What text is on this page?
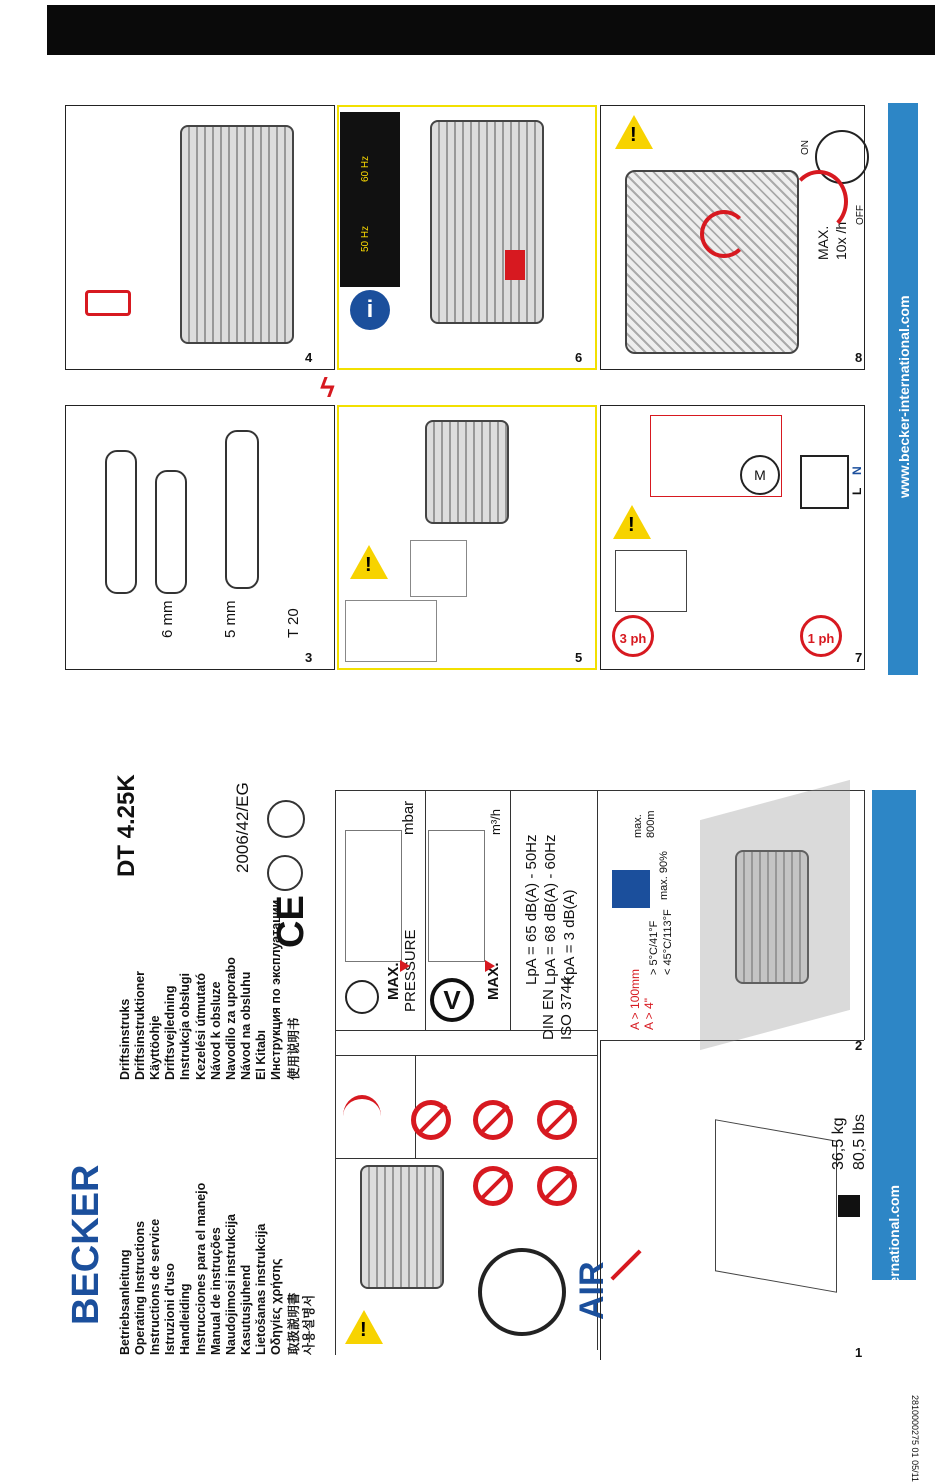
www.becker-international.com
BECKER Betriebsanleitung Operating Instructions Instructions de service Istruzioni d'uso Handleiding Instrucciones para el manejo Manual de instruções Naudojimosi instrukcija Kasutusjuhend Lietošanas instrukcija Οδηγίες χρήσης 取扱説明書 사용설명서
Driftsinstruks Driftsinstruktioner Käyttöohje Driftsvejledning Instrukcja obsługi Kezelési útmutató Návod k obsluze Navodilo za uporabo Návod na obsluhu El Kitabı Инструкция по эксплуатации 使用说明书
DT 4.25K	2006/42/EG
CE
!
AIR
36,5 kg 80,5 lbs
1
MAX. PRESSURE
mbar
V	MAX.
m³/h
DIN EN ISO 3744
LpA = 65 dB(A) - 50Hz LpA = 68 dB(A) - 60Hz KpA = 3 dB(A)
A > 100mm A > 4"
> 5°C/41°F < 45°C/113°F
max. 90%
max. 800m
2
www.becker-international.com
3
6 mm	5 mm	T 20
4
5
!
6
i
50 Hz
60 Hz
7
3 ph	1 ph
!
M
L
N
8
!
MAX. 10x /h
ON
OFF
ϟ
2810000275 01 05/11
